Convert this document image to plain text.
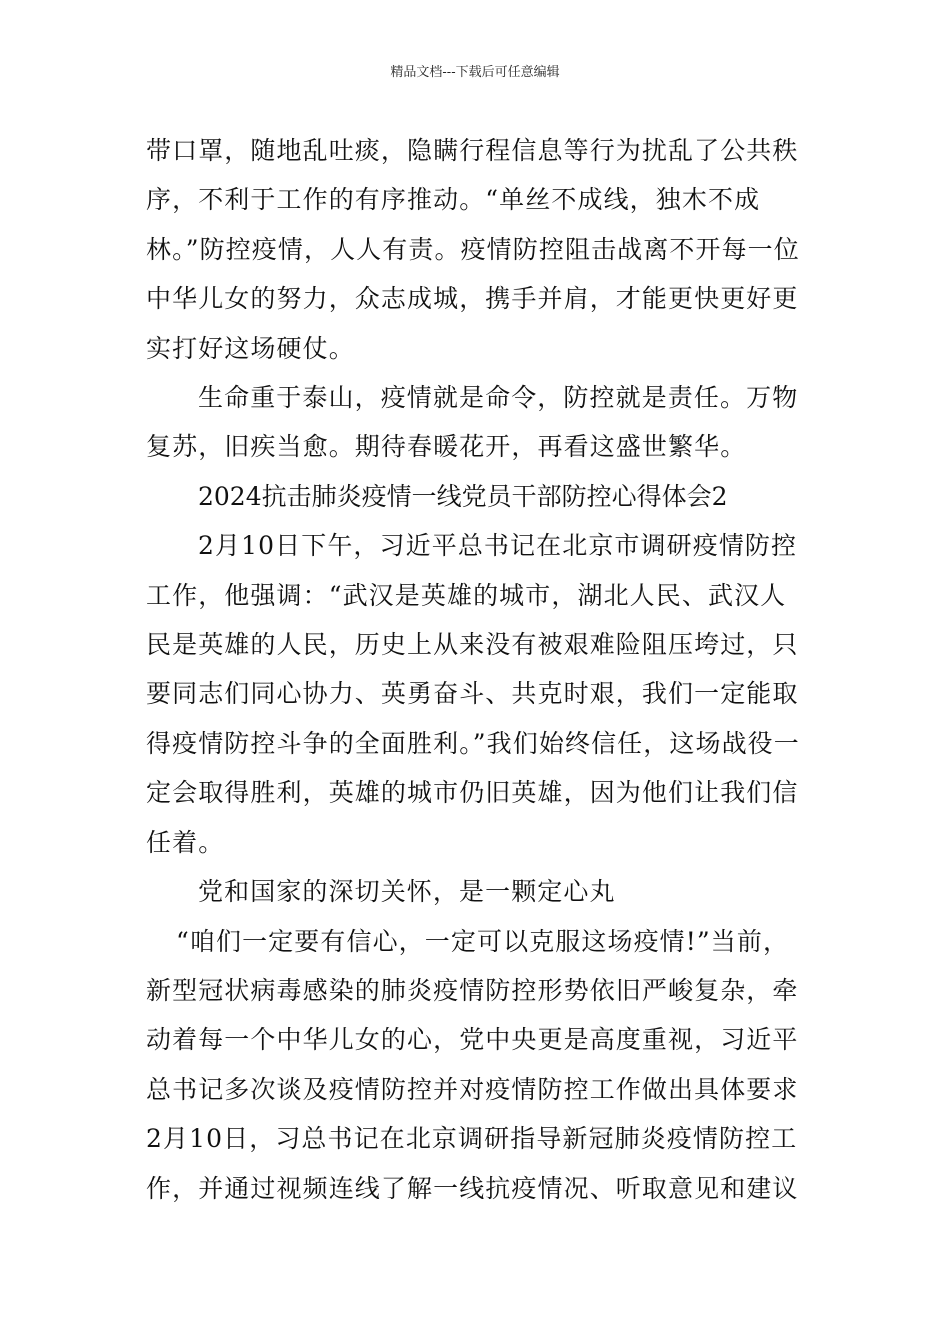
精品文档---下载后可任意编辑

带口罩，随地乱吐痰，隐瞒行程信息等行为扰乱了公共秩序，不利于工作的有序推动。“单丝不成线，独木不成林。”防控疫情，人人有责。疫情防控阻击战离不开每一位中华儿女的努力，众志成城，携手并肩，才能更快更好更实打好这场硬仗。

生命重于泰山，疫情就是命令，防控就是责任。万物复苏，旧疾当愈。期待春暖花开，再看这盛世繁华。

2024抗击肺炎疫情一线党员干部防控心得体会2

2月10日下午，习近平总书记在北京市调研疫情防控工作，他强调：“武汉是英雄的城市，湖北人民、武汉人民是英雄的人民，历史上从来没有被艰难险阻压垮过，只要同志们同心协力、英勇奋斗、共克时艰，我们一定能取得疫情防控斗争的全面胜利。”我们始终信任，这场战役一定会取得胜利，英雄的城市仍旧英雄，因为他们让我们信任着。

党和国家的深切关怀，是一颗定心丸

“咱们一定要有信心，一定可以克服这场疫情!”当前，新型冠状病毒感染的肺炎疫情防控形势依旧严峻复杂，牵动着每一个中华儿女的心，党中央更是高度重视，习近平总书记多次谈及疫情防控并对疫情防控工作做出具体要求2月10日，习总书记在北京调研指导新冠肺炎疫情防控工作，并通过视频连线了解一线抗疫情况、听取意见和建议
